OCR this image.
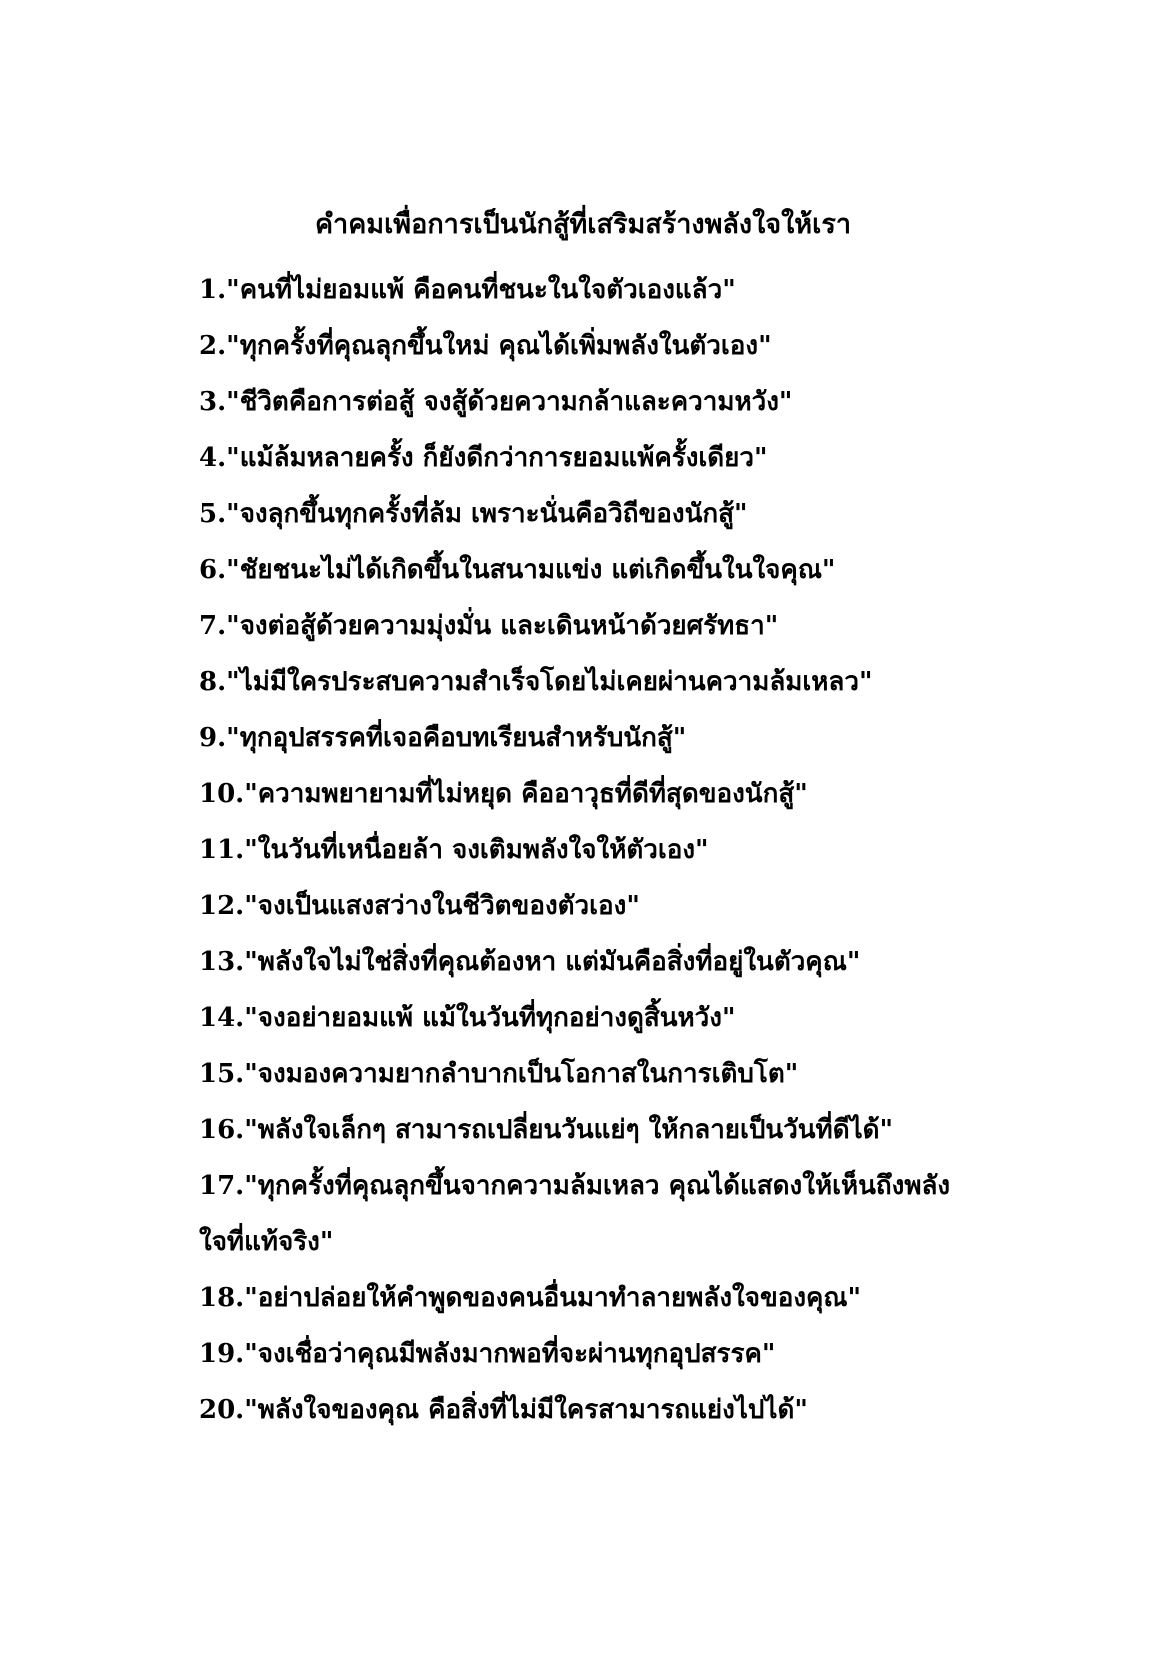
คำคมเพื่อการเป็นนักสู้ที่เสริมสร้างพลังใจให้เรา
1."คนที่ไม่ยอมแพ้ คือคนที่ชนะในใจตัวเองแล้ว"
2."ทุกครั้งที่คุณลุกขึ้นใหม่ คุณได้เพิ่มพลังในตัวเอง"
3."ชีวิตคือการต่อสู้ จงสู้ด้วยความกล้าและความหวัง"
4."แม้ล้มหลายครั้ง ก็ยังดีกว่าการยอมแพ้ครั้งเดียว"
5."จงลุกขึ้นทุกครั้งที่ล้ม เพราะนั่นคือวิถีของนักสู้"
6."ชัยชนะไม่ได้เกิดขึ้นในสนามแข่ง แต่เกิดขึ้นในใจคุณ"
7."จงต่อสู้ด้วยความมุ่งมั่น และเดินหน้าด้วยศรัทธา"
8."ไม่มีใครประสบความสำเร็จโดยไม่เคยผ่านความล้มเหลว"
9."ทุกอุปสรรคที่เจอคือบทเรียนสำหรับนักสู้"
10."ความพยายามที่ไม่หยุด คืออาวุธที่ดีที่สุดของนักสู้"
11."ในวันที่เหนื่อยล้า จงเติมพลังใจให้ตัวเอง"
12."จงเป็นแสงสว่างในชีวิตของตัวเอง"
13."พลังใจไม่ใช่สิ่งที่คุณต้องหา แต่มันคือสิ่งที่อยู่ในตัวคุณ"
14."จงอย่ายอมแพ้ แม้ในวันที่ทุกอย่างดูสิ้นหวัง"
15."จงมองความยากลำบากเป็นโอกาสในการเติบโต"
16."พลังใจเล็กๆ สามารถเปลี่ยนวันแย่ๆ ให้กลายเป็นวันที่ดีได้"
17."ทุกครั้งที่คุณลุกขึ้นจากความล้มเหลว คุณได้แสดงให้เห็นถึงพลังใจที่แท้จริง"
18."อย่าปล่อยให้คำพูดของคนอื่นมาทำลายพลังใจของคุณ"
19."จงเชื่อว่าคุณมีพลังมากพอที่จะผ่านทุกอุปสรรค"
20."พลังใจของคุณ คือสิ่งที่ไม่มีใครสามารถแย่งไปได้"
